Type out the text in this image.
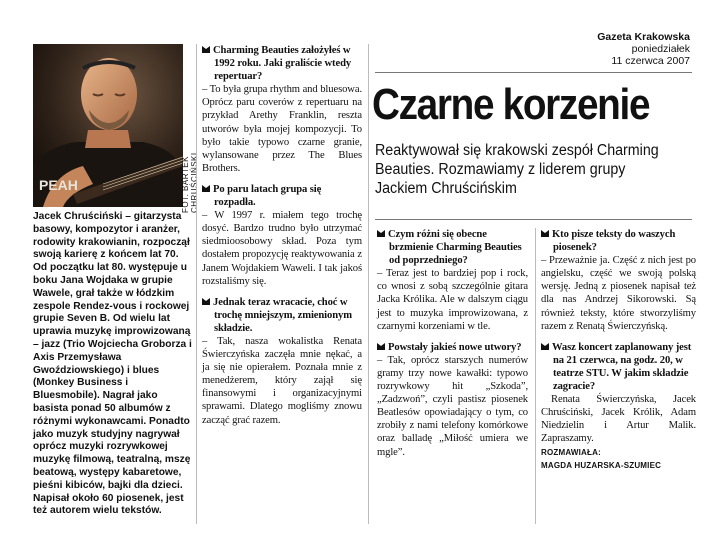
PEAH	FOT. BARTEK CHRUŚCIŃSKI
Jacek Chruściński – gitarzysta basowy, kompozytor i aranżer, rodowity krakowianin, rozpoczął swoją karierę z końcem lat 70. Od początku lat 80. występuje u boku Jana Wojdaka w grupie Wawele, grał także w łódzkim zespole Rendez-vous i rockowej grupie Seven B. Od wielu lat uprawia muzykę improwizowaną – jazz (Trio Wojciecha Groborza i Axis Przemysława Gwoździowskiego) i blues (Monkey Business i Bluesmobile). Nagrał jako basista ponad 50 albumów z różnymi wykonawcami. Ponadto jako muzyk studyjny nagrywał oprócz muzyki rozrywkowej muzykę filmową, teatralną, mszę beatową, występy kabaretowe, pieśni kibiców, bajki dla dzieci. Napisał około 60 piosenek, jest też autorem wielu tekstów.
Gazeta Krakowska
poniedziałek
11 czerwca 2007
Czarne korzenie
Reaktywował się krakowski zespół Charming Beauties. Rozmawiamy z liderem grupy Jackiem Chruścińskim

Charming Beauties założyłeś w 1992 roku. Jaki graliście wtedy repertuar?

– To była grupa rhythm and bluesowa. Oprócz paru coverów z repertuaru na przykład Arethy Franklin, reszta utworów była mojej kompozycji. To było takie typowo czarne granie, wylansowane przez The Blues Brothers.

Po paru latach grupa się rozpadła.

– W 1997 r. miałem tego trochę dosyć. Bardzo trudno było utrzymać siedmioosobowy skład. Poza tym dostałem propozycję reaktywowania z Janem Wojdakiem Waweli. I tak jakoś rozstaliśmy się.

Jednak teraz wracacie, choć w trochę mniejszym, zmienionym składzie.

– Tak, nasza wokalistka Renata Świerczyńska zaczęła mnie nękać, a ja się nie opierałem. Poznała mnie z menedżerem, który zajął się finansowymi i organizacyjnymi sprawami. Dlatego mogliśmy znowu zacząć grać razem.

Czym różni się obecne brzmienie Charming Beauties od poprzedniego?

– Teraz jest to bardziej pop i rock, co wnosi z sobą szczególnie gitara Jacka Królika. Ale w dalszym ciągu jest to muzyka improwizowana, z czarnymi korzeniami w tle.

Powstały jakieś nowe utwory?

– Tak, oprócz starszych numerów gramy trzy nowe kawałki: typowo rozrywkowy hit „Szkoda”, „Zadzwoń”, czyli pastisz piosenek Beatlesów opowiadający o tym, co zrobiły z nami telefony komórkowe oraz balladę „Miłość umiera we mgle”.

Kto pisze teksty do waszych piosenek?

– Przeważnie ja. Część z nich jest po angielsku, część we swoją polską wersję. Jedną z piosenek napisał też dla nas Andrzej Sikorowski. Są również teksty, które stworzyliśmy razem z Renatą Świerczyńską.

Wasz koncert zaplanowany jest na 21 czerwca, na godz. 20, w teatrze STU. W jakim składzie zagracie?

Renata Świerczyńska, Jacek Chruściński, Jacek Królik, Adam Niedzielin i Artur Malik. Zapraszamy.

ROZMAWIAŁA:
MAGDA HUZARSKA-SZUMIEC
